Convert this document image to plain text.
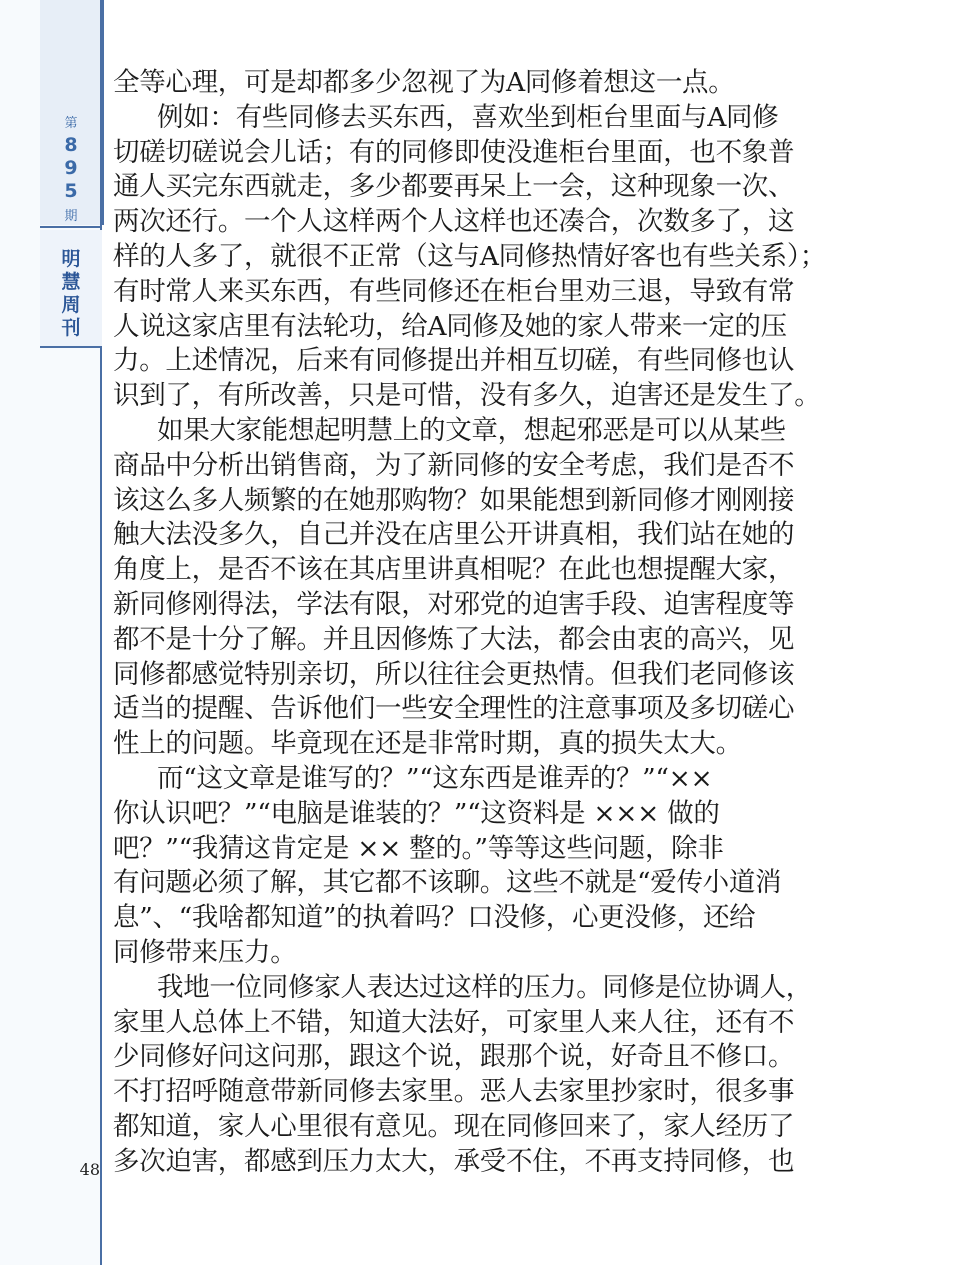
第
8
9
5
期
明
慧
周
刊
48
全等心理，可是却都多少忽视了为A同修着想这一点。
例如：有些同修去买东西，喜欢坐到柜台里面与A同修
切磋切磋说会儿话；有的同修即使没進柜台里面，也不象普
通人买完东西就走，多少都要再呆上一会，这种现象一次、
两次还行。一个人这样两个人这样也还凑合，次数多了，这
样的人多了，就很不正常（这与A同修热情好客也有些关系）；
有时常人来买东西，有些同修还在柜台里劝三退，导致有常
人说这家店里有法轮功，给A同修及她的家人带来一定的压
力。上述情况，后来有同修提出并相互切磋，有些同修也认
识到了，有所改善，只是可惜，没有多久，迫害还是发生了。
如果大家能想起明慧上的文章，想起邪恶是可以从某些
商品中分析出销售商，为了新同修的安全考虑，我们是否不
该这么多人频繁的在她那购物？如果能想到新同修才刚刚接
触大法没多久，自己并没在店里公开讲真相，我们站在她的
角度上，是否不该在其店里讲真相呢？在此也想提醒大家，
新同修刚得法，学法有限，对邪党的迫害手段、迫害程度等
都不是十分了解。并且因修炼了大法，都会由衷的高兴，见
同修都感觉特别亲切，所以往往会更热情。但我们老同修该
适当的提醒、告诉他们一些安全理性的注意事项及多切磋心
性上的问题。毕竟现在还是非常时期，真的损失太大。
而“这文章是谁写的？”“这东西是谁弄的？”“××
你认识吧？”“电脑是谁装的？”“这资料是 ××× 做的
吧？”“我猜这肯定是 ×× 整的。”等等这些问题，除非
有问题必须了解，其它都不该聊。这些不就是“爱传小道消
息”、“我啥都知道”的执着吗？口没修，心更没修，还给
同修带来压力。
我地一位同修家人表达过这样的压力。同修是位协调人，
家里人总体上不错，知道大法好，可家里人来人往，还有不
少同修好问这问那，跟这个说，跟那个说，好奇且不修口。
不打招呼随意带新同修去家里。恶人去家里抄家时，很多事
都知道，家人心里很有意见。现在同修回来了，家人经历了
多次迫害，都感到压力太大，承受不住，不再支持同修，也
